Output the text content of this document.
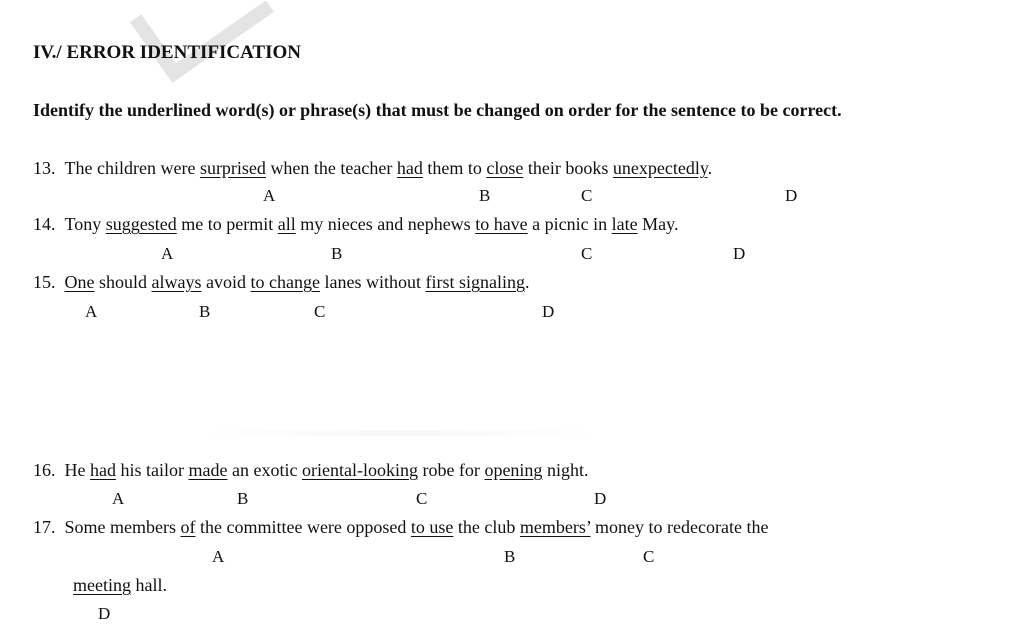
IV./ ERROR IDENTIFICATION
Identify the underlined word(s) or phrase(s) that must be changed on order for the sentence to be correct.
13. The children were surprised when the teacher had them to close their books unexpectedly.
A	B	C	D
14. Tony suggested me to permit all my nieces and nephews to have a picnic in late May.
A	B	C	D
15. One should always avoid to change lanes without first signaling.
A	B	C	D
16. He had his tailor made an exotic oriental-looking robe for opening night.
A	B	C	D
17. Some members of the committee were opposed to use the club members’ money to redecorate the
A	B	C
meeting hall.
D
